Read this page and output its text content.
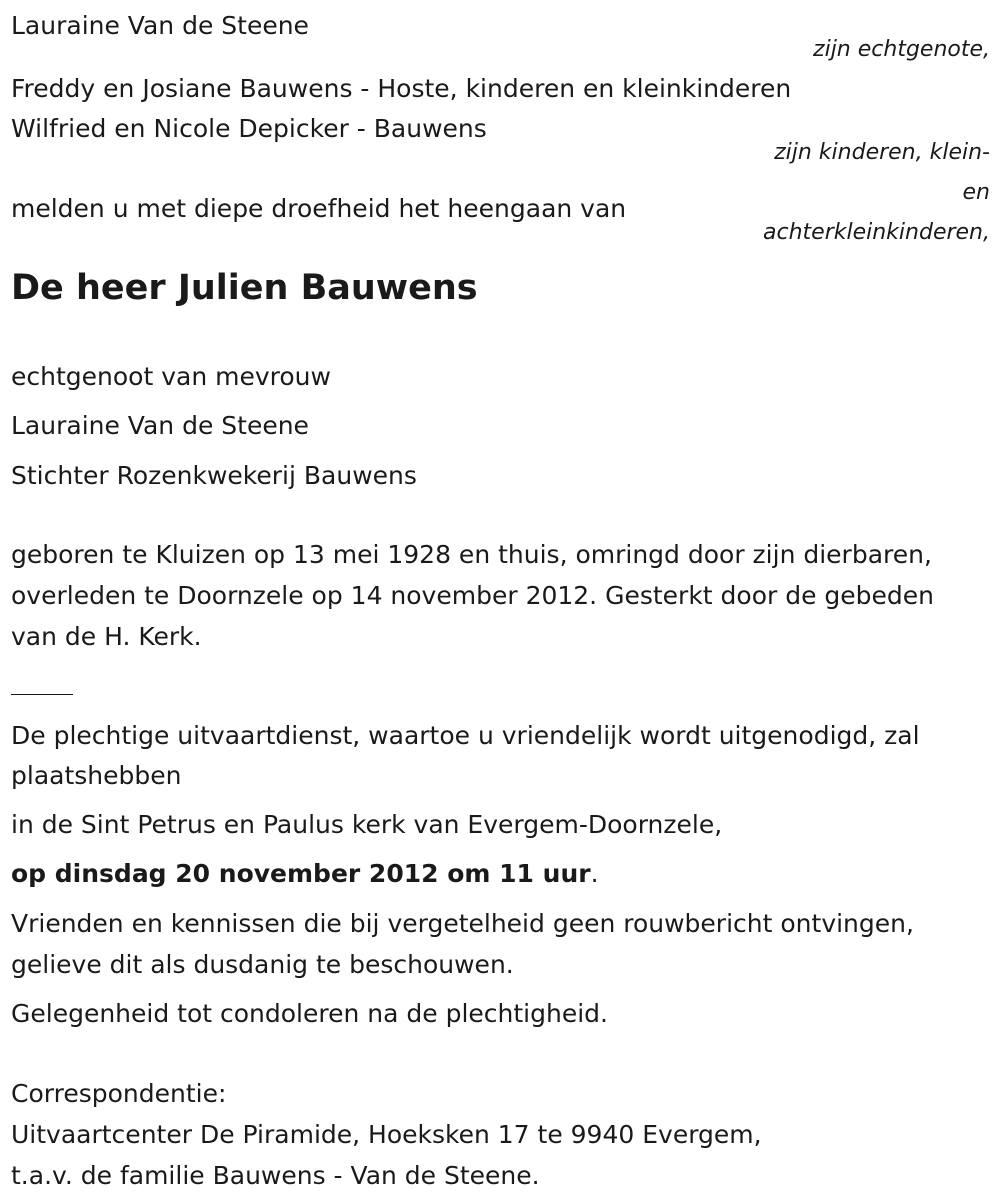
Lauraine Van de Steene

zijn echtgenote,

Freddy en Josiane Bauwens - Hoste, kinderen en kleinkinderen

Wilfried en Nicole Depicker - Bauwens

zijn kinderen, klein-

en

melden u met diepe droefheid het heengaan van

achterkleinkinderen,

De heer Julien Bauwens

echtgenoot van mevrouw

Lauraine Van de Steene

Stichter Rozenkwekerij Bauwens

geboren te Kluizen op 13 mei 1928 en thuis, omringd door zijn dierbaren,

overleden te Doornzele op 14 november 2012. Gesterkt door de gebeden

van de H. Kerk.

De plechtige uitvaartdienst, waartoe u vriendelijk wordt uitgenodigd, zal

plaatshebben

in de Sint Petrus en Paulus kerk van Evergem-Doornzele,

op dinsdag 20 november 2012 om 11 uur.

Vrienden en kennissen die bij vergetelheid geen rouwbericht ontvingen,

gelieve dit als dusdanig te beschouwen.

Gelegenheid tot condoleren na de plechtigheid.

Correspondentie:

Uitvaartcenter De Piramide, Hoeksken 17 te 9940 Evergem,

t.a.v. de familie Bauwens - Van de Steene.
